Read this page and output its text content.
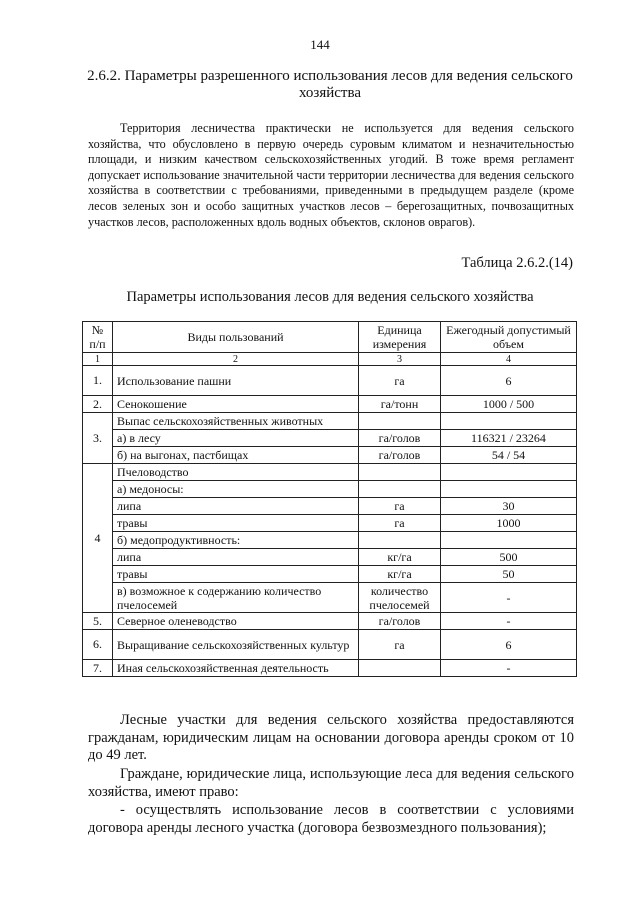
144
2.6.2. Параметры разрешенного использования лесов для ведения сельского хозяйства

Территория лесничества практически не используется для ведения сельского хозяйства, что обусловлено в первую очередь суровым климатом и незначительностью площади, и низким качеством сельскохозяйственных угодий. В тоже время регламент допускает использование значительной части территории лесничества для ведения сельского хозяйства в соответствии с требованиями, приведенными в предыдущем разделе (кроме лесов зеленых зон и особо защитных участков лесов – берегозащитных, почвозащитных участков лесов, расположенных вдоль водных объектов, склонов оврагов).

Таблица 2.6.2.(14)
Параметры использования лесов для ведения сельского хозяйства
№ п/п	Виды пользований	Единица измерения	Ежегодный допустимый объем
1	2	3	4
1.	Использование пашни	га	6
2.	Сенокошение	га/тонн	1000 / 500
3.	Выпас сельскохозяйственных животных		
	а) в лесу	га/голов	116321 / 23264
	б) на выгонах, пастбищах	га/голов	54 / 54
4	Пчеловодство		
	а) медоносы:		
	липа	га	30
	травы	га	1000
	б) медопродуктивность:		
	липа	кг/га	500
	травы	кг/га	50
	в) возможное к содержанию количество пчелосемей	количество пчелосемей	-
5.	Северное оленеводство	га/голов	-
6.	Выращивание сельскохозяйственных культур	га	6
7.	Иная сельскохозяйственная деятельность		-

Лесные участки для ведения сельского хозяйства предоставляются гражданам, юридическим лицам на основании договора аренды сроком от 10 до 49 лет.

Граждане, юридические лица, использующие леса для ведения сельского хозяйства, имеют право:

- осуществлять использование лесов в соответствии с условиями договора аренды лесного участка (договора безвозмездного пользования);
